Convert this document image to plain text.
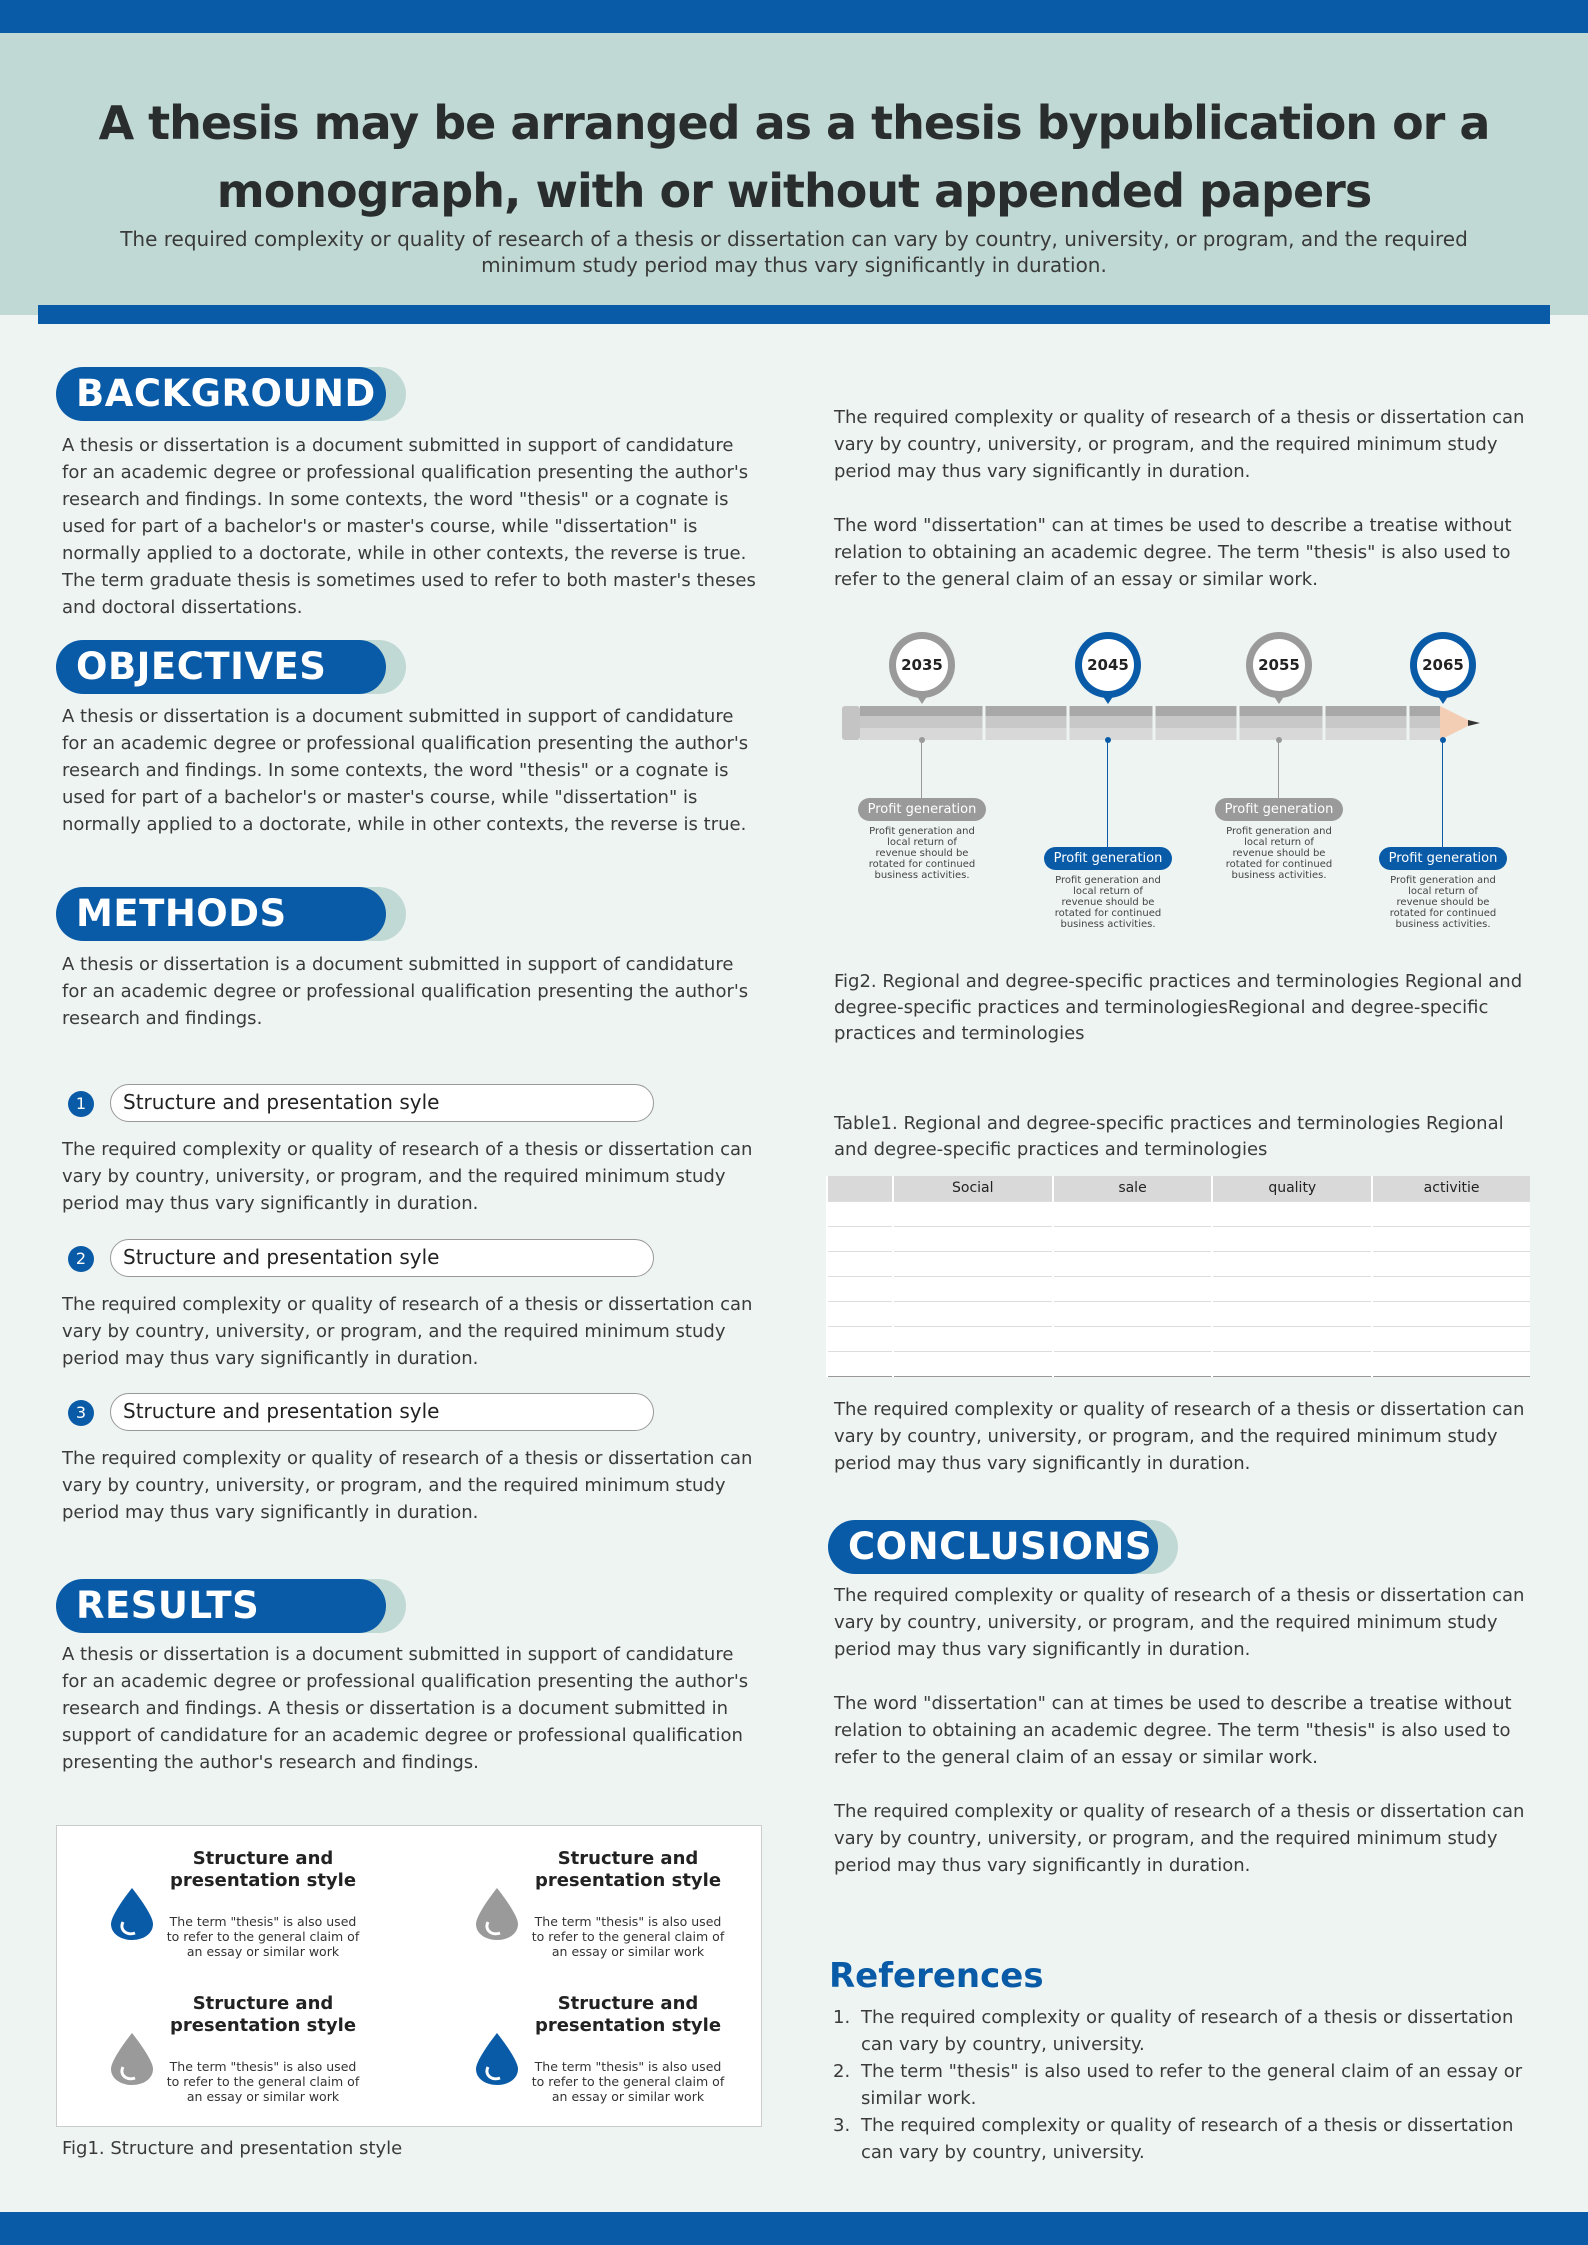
A thesis may be arranged as a thesis bypublication or a monograph, with or without appended papers
The required complexity or quality of research of a thesis or dissertation can vary by country, university, or program, and the required minimum study period may thus vary significantly in duration.
BACKGROUND
A thesis or dissertation is a document submitted in support of candidature for an academic degree or professional qualification presenting the author's research and findings. In some contexts, the word "thesis" or a cognate is used for part of a bachelor's or master's course, while "dissertation" is normally applied to a doctorate, while in other contexts, the reverse is true. The term graduate thesis is sometimes used to refer to both master's theses and doctoral dissertations.
OBJECTIVES
A thesis or dissertation is a document submitted in support of candidature for an academic degree or professional qualification presenting the author's research and findings. In some contexts, the word "thesis" or a cognate is used for part of a bachelor's or master's course, while "dissertation" is normally applied to a doctorate, while in other contexts, the reverse is true.
METHODS
A thesis or dissertation is a document submitted in support of candidature for an academic degree or professional qualification presenting the author's research and findings.
1	Structure and presentation syle
The required complexity or quality of research of a thesis or dissertation can vary by country, university, or program, and the required minimum study period may thus vary significantly in duration.
2	Structure and presentation syle
The required complexity or quality of research of a thesis or dissertation can vary by country, university, or program, and the required minimum study period may thus vary significantly in duration.
3	Structure and presentation syle
The required complexity or quality of research of a thesis or dissertation can vary by country, university, or program, and the required minimum study period may thus vary significantly in duration.
RESULTS
A thesis or dissertation is a document submitted in support of candidature for an academic degree or professional qualification presenting the author's research and findings. A thesis or dissertation is a document submitted in support of candidature for an academic degree or professional qualification presenting the author's research and findings.
Structure and presentation style
The term "thesis" is also used to refer to the general claim of an essay or similar work
Structure and presentation style
The term "thesis" is also used to refer to the general claim of an essay or similar work
Structure and presentation style
The term "thesis" is also used to refer to the general claim of an essay or similar work
Structure and presentation style
The term "thesis" is also used to refer to the general claim of an essay or similar work
Fig1. Structure and presentation style
The required complexity or quality of research of a thesis or dissertation can vary by country, university, or program, and the required minimum study period may thus vary significantly in duration.
The word "dissertation" can at times be used to describe a treatise without relation to obtaining an academic degree. The term "thesis" is also used to refer to the general claim of an essay or similar work.
2035
Profit generation
Profit generation and local return of revenue should be rotated for continued business activities.
2045
Profit generation
Profit generation and local return of revenue should be rotated for continued business activities.
2055
Profit generation
Profit generation and local return of revenue should be rotated for continued business activities.
2065
Profit generation
Profit generation and local return of revenue should be rotated for continued business activities.
Fig2. Regional and degree-specific practices and terminologies Regional and degree-specific practices and terminologiesRegional and degree-specific practices and terminologies
Table1. Regional and degree-specific practices and terminologies Regional and degree-specific practices and terminologies
	Social	sale	quality	activitie

The required complexity or quality of research of a thesis or dissertation can vary by country, university, or program, and the required minimum study period may thus vary significantly in duration.
CONCLUSIONS
The required complexity or quality of research of a thesis or dissertation can vary by country, university, or program, and the required minimum study period may thus vary significantly in duration.
The word "dissertation" can at times be used to describe a treatise without relation to obtaining an academic degree. The term "thesis" is also used to refer to the general claim of an essay or similar work.
The required complexity or quality of research of a thesis or dissertation can vary by country, university, or program, and the required minimum study period may thus vary significantly in duration.
References
1. The required complexity or quality of research of a thesis or dissertation can vary by country, university.
2. The term "thesis" is also used to refer to the general claim of an essay or similar work.
3. The required complexity or quality of research of a thesis or dissertation can vary by country, university.
